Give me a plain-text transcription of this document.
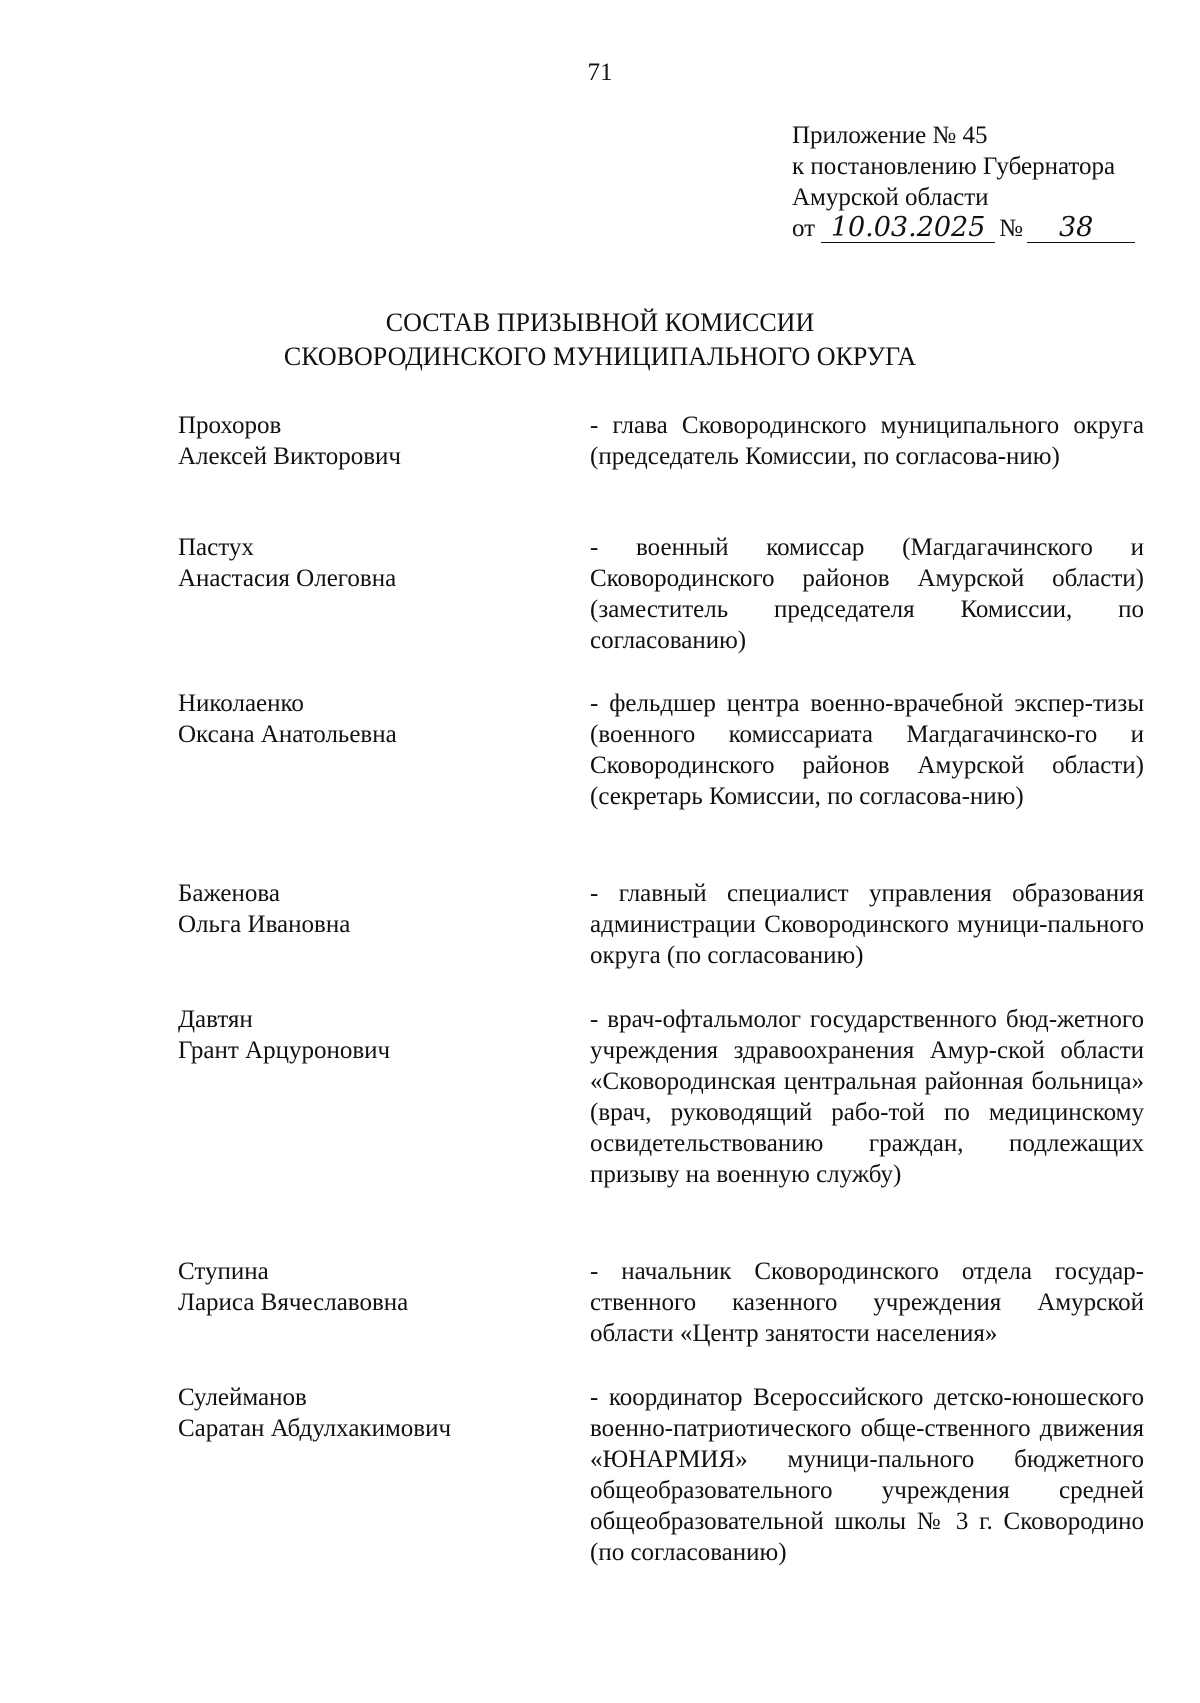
71
Приложение № 45
к постановлению Губернатора
Амурской области
от 10.03.2025 №	38
СОСТАВ ПРИЗЫВНОЙ КОМИССИИ
СКОВОРОДИНСКОГО МУНИЦИПАЛЬНОГО ОКРУГА
Прохоров
Алексей Викторович
- глава Сковородинского муниципального округа (председатель Комиссии, по согласова-нию)
Пастух
Анастасия Олеговна
- военный комиссар (Магдагачинского и Сковородинского районов Амурской области) (заместитель председателя Комиссии, по согласованию)
Николаенко
Оксана Анатольевна
- фельдшер центра военно-врачебной экспер-тизы (военного комиссариата Магдагачинско-го и Сковородинского районов Амурской области) (секретарь Комиссии, по согласова-нию)
Баженова
Ольга Ивановна
- главный специалист управления образования администрации Сковородинского муници-пального округа (по согласованию)
Давтян
Грант Арцуронович
- врач-офтальмолог государственного бюд-жетного учреждения здравоохранения Амур-ской области «Сковородинская центральная районная больница» (врач, руководящий рабо-той по медицинскому освидетельствованию граждан, подлежащих призыву на военную службу)
Ступина
Лариса Вячеславовна
- начальник Сковородинского отдела государ-ственного казенного учреждения Амурской области «Центр занятости населения»
Сулейманов
Саратан Абдулхакимович
- координатор Всероссийского детско-юношеского военно-патриотического обще-ственного движения «ЮНАРМИЯ» муници-пального бюджетного общеобразовательного учреждения средней общеобразовательной школы № 3 г. Сковородино (по согласованию)
